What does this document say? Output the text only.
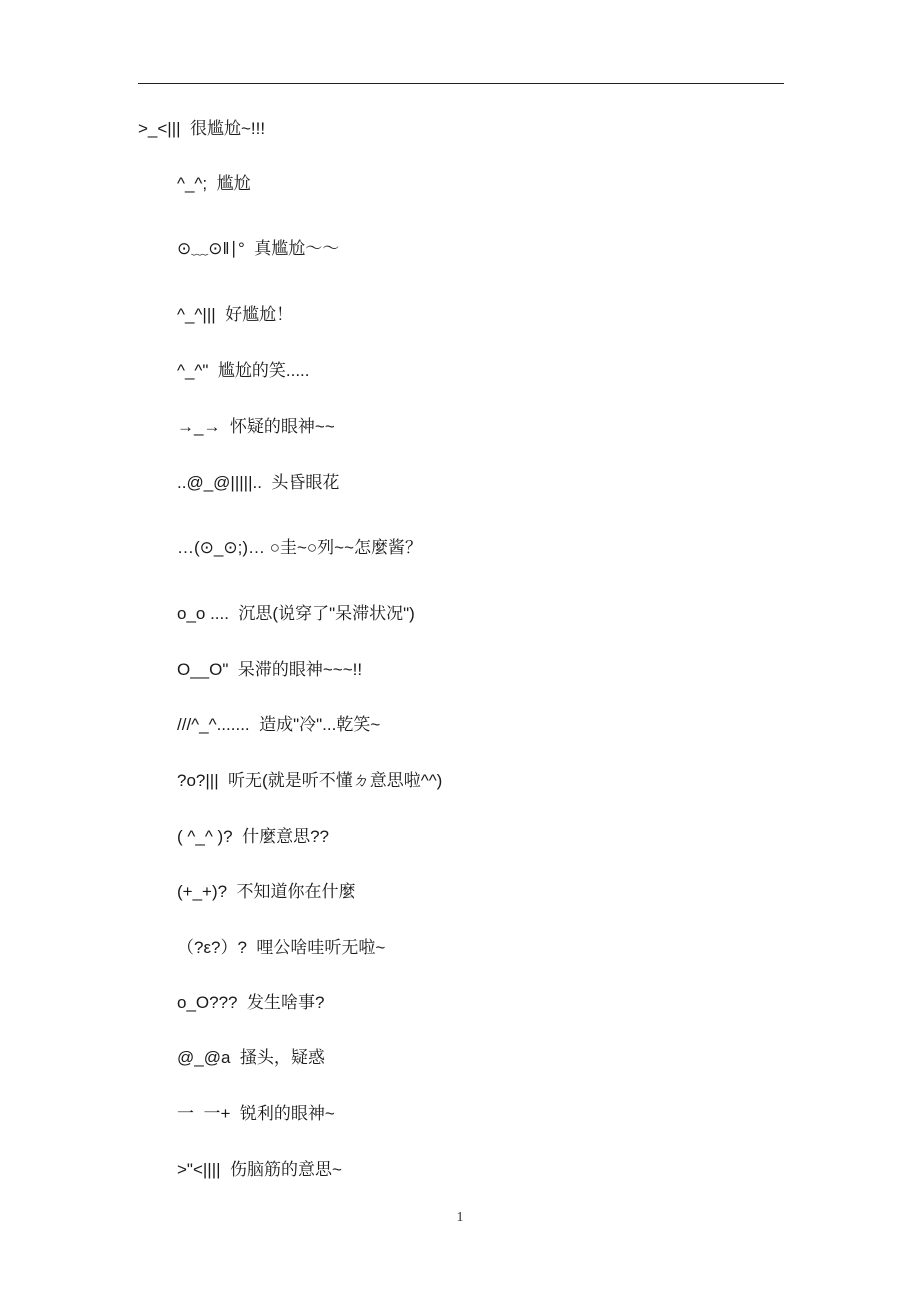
>_<|||  很尴尬~!!!
^_^;  尴尬
⊙﹏⊙‖∣°  真尴尬～～
^_^|||  好尴尬！
^_^"  尴尬的笑.....
→_→  怀疑的眼神~~
..@_@|||||..  头昏眼花
…(⊙_⊙;)… ○圭~○列~~怎麼酱？
o_o ....  沉思(说穿了"呆滞状况")
O__O"  呆滞的眼神~~~!!
///^_^.......  造成"冷"...乾笑~
?o?|||  听无(就是听不懂ㄉ意思啦^^)
( ^_^ )?  什麼意思??
(+_+)?  不知道你在什麼
（?ε?）?  哩公啥哇听无啦~
o_O???  发生啥事?
@_@a  搔头，疑惑
一  一+  锐利的眼神~
>"<||||  伤脑筋的意思~
1
